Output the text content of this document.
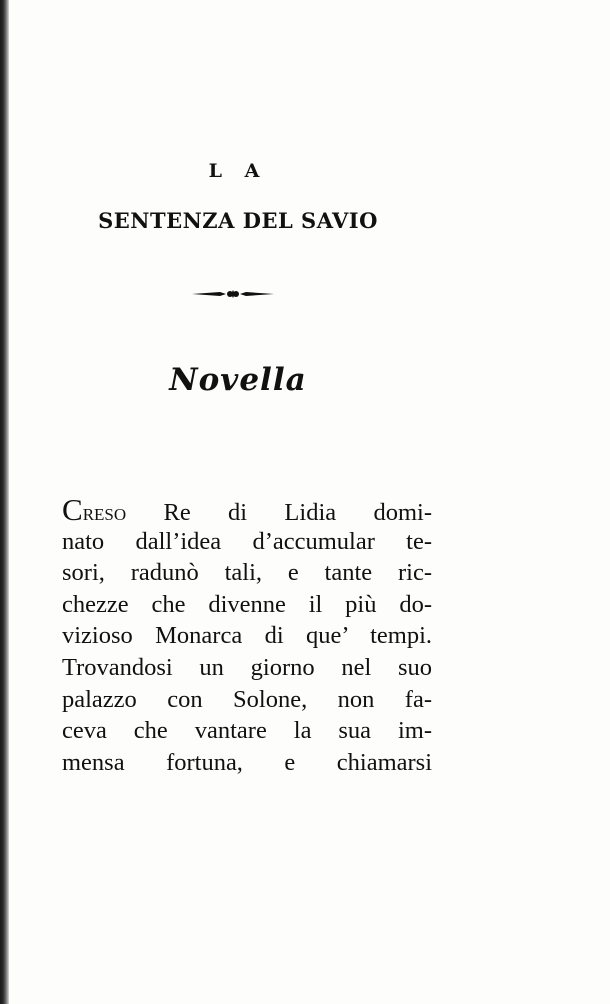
L A
SENTENZA DEL SAVIO
Novella
Creso Re di Lidia domi-
nato dall’idea d’accumular te-
sori, radunò tali, e tante ric-
chezze che divenne il più do-
vizioso Monarca di que’ tempi.
Trovandosi un giorno nel suo
palazzo con Solone, non fa-
ceva che vantare la sua im-
mensa fortuna, e chiamarsi
